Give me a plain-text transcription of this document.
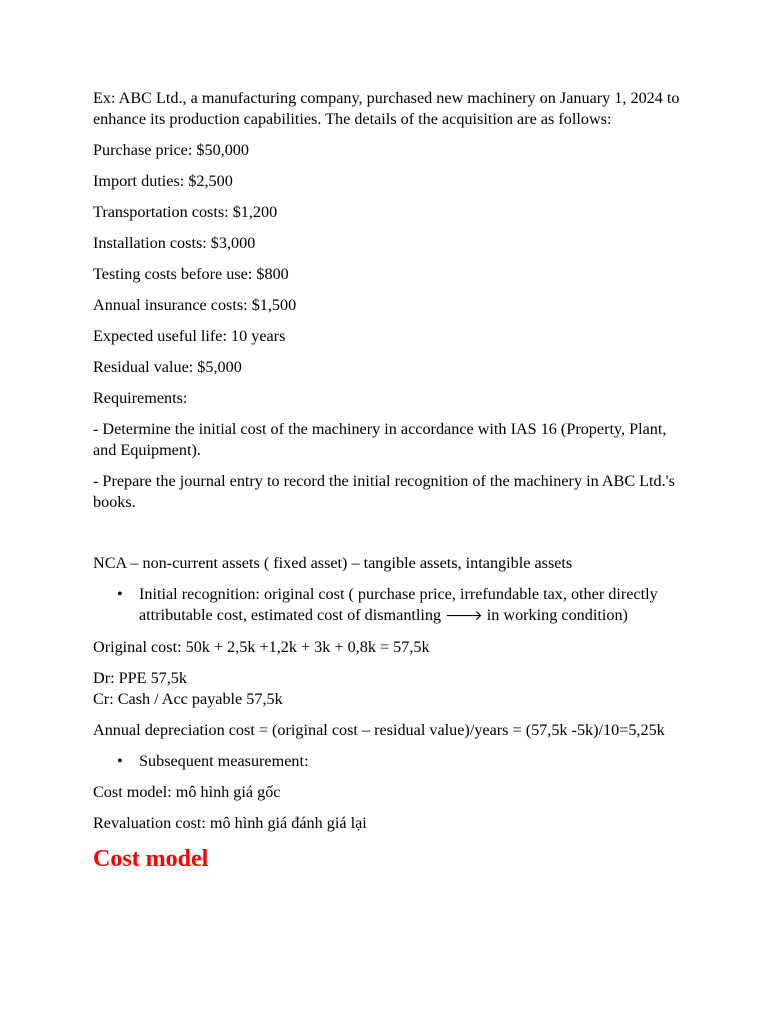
Ex: ABC Ltd., a manufacturing company, purchased new machinery on January 1, 2024 to enhance its production capabilities. The details of the acquisition are as follows:

Purchase price: $50,000

Import duties: $2,500

Transportation costs: $1,200

Installation costs: $3,000

Testing costs before use: $800

Annual insurance costs: $1,500

Expected useful life: 10 years

Residual value: $5,000

Requirements:

- Determine the initial cost of the machinery in accordance with IAS 16 (Property, Plant, and Equipment).

- Prepare the journal entry to record the initial recognition of the machinery in ABC Ltd.'s books.

NCA – non-current assets ( fixed asset) – tangible assets, intangible assets

• Initial recognition: original cost ( purchase price, irrefundable tax, other directly attributable cost, estimated cost of dismantling 🡒 in working condition)

Original cost: 50k + 2,5k +1,2k + 3k + 0,8k = 57,5k

Dr: PPE 57,5k
Cr: Cash / Acc payable 57,5k

Annual depreciation cost = (original cost – residual value)/years = (57,5k -5k)/10=5,25k

• Subsequent measurement:

Cost model: mô hình giá gốc

Revaluation cost: mô hình giá đánh giá lại

Cost model
